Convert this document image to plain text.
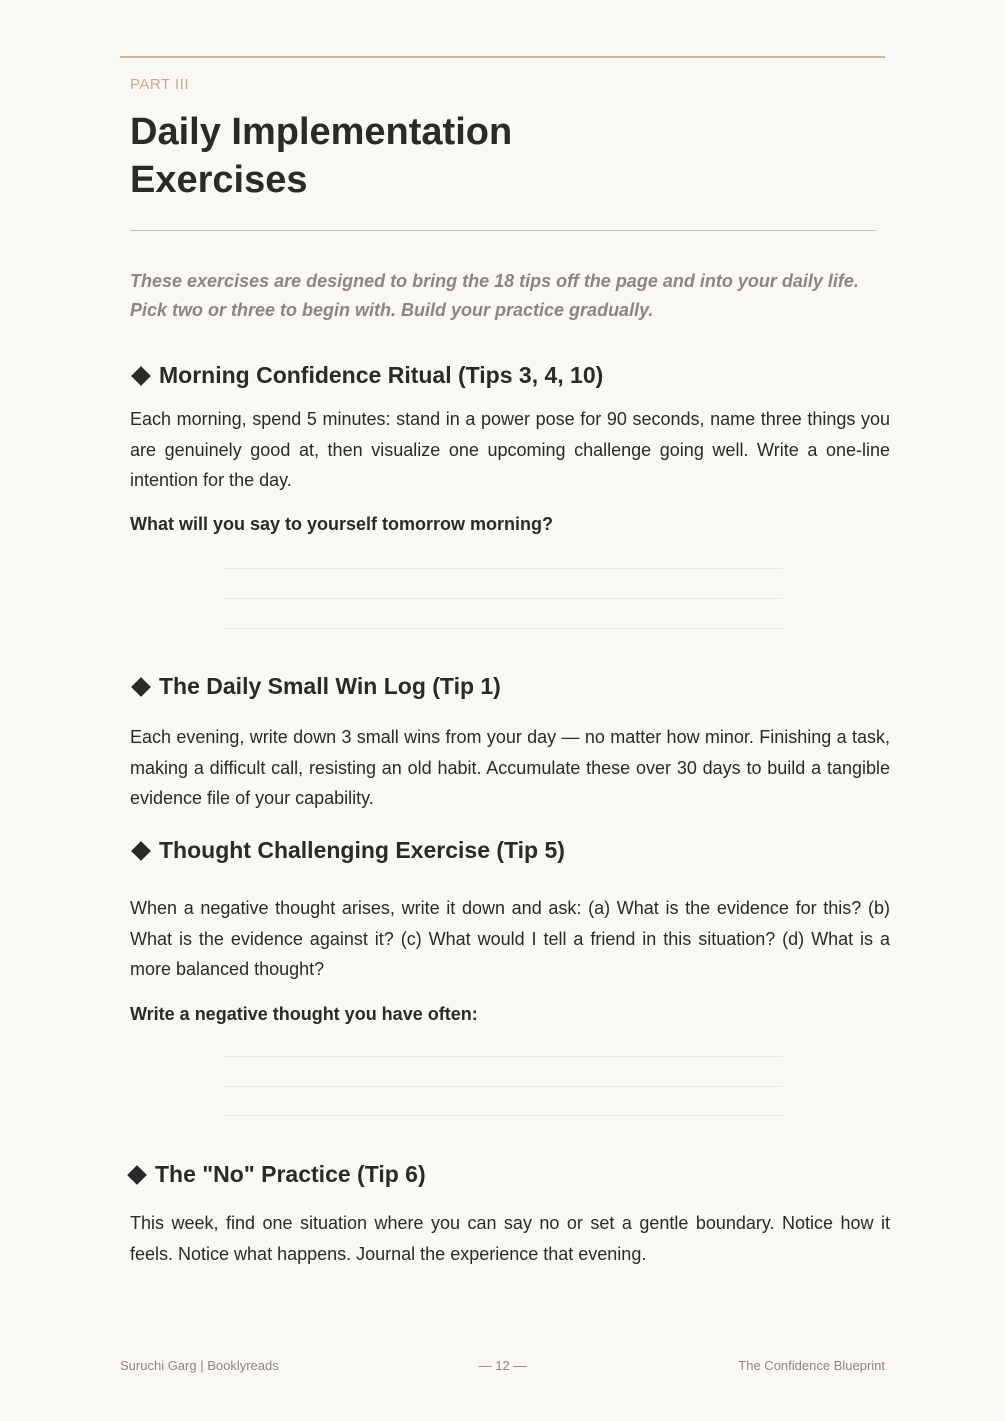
PART III
Daily Implementation Exercises

These exercises are designed to bring the 18 tips off the page and into your daily life. Pick two or three to begin with. Build your practice gradually.

Morning Confidence Ritual (Tips 3, 4, 10)

Each morning, spend 5 minutes: stand in a power pose for 90 seconds, name three things you are genuinely good at, then visualize one upcoming challenge going well. Write a one-line intention for the day.

What will you say to yourself tomorrow morning?

The Daily Small Win Log (Tip 1)

Each evening, write down 3 small wins from your day — no matter how minor. Finishing a task, making a difficult call, resisting an old habit. Accumulate these over 30 days to build a tangible evidence file of your capability.

Thought Challenging Exercise (Tip 5)

When a negative thought arises, write it down and ask: (a) What is the evidence for this? (b) What is the evidence against it? (c) What would I tell a friend in this situation? (d) What is a more balanced thought?

Write a negative thought you have often:

The "No" Practice (Tip 6)

This week, find one situation where you can say no or set a gentle boundary. Notice how it feels. Notice what happens. Journal the experience that evening.

Suruchi Garg | Booklyreads	— 12 —	The Confidence Blueprint
